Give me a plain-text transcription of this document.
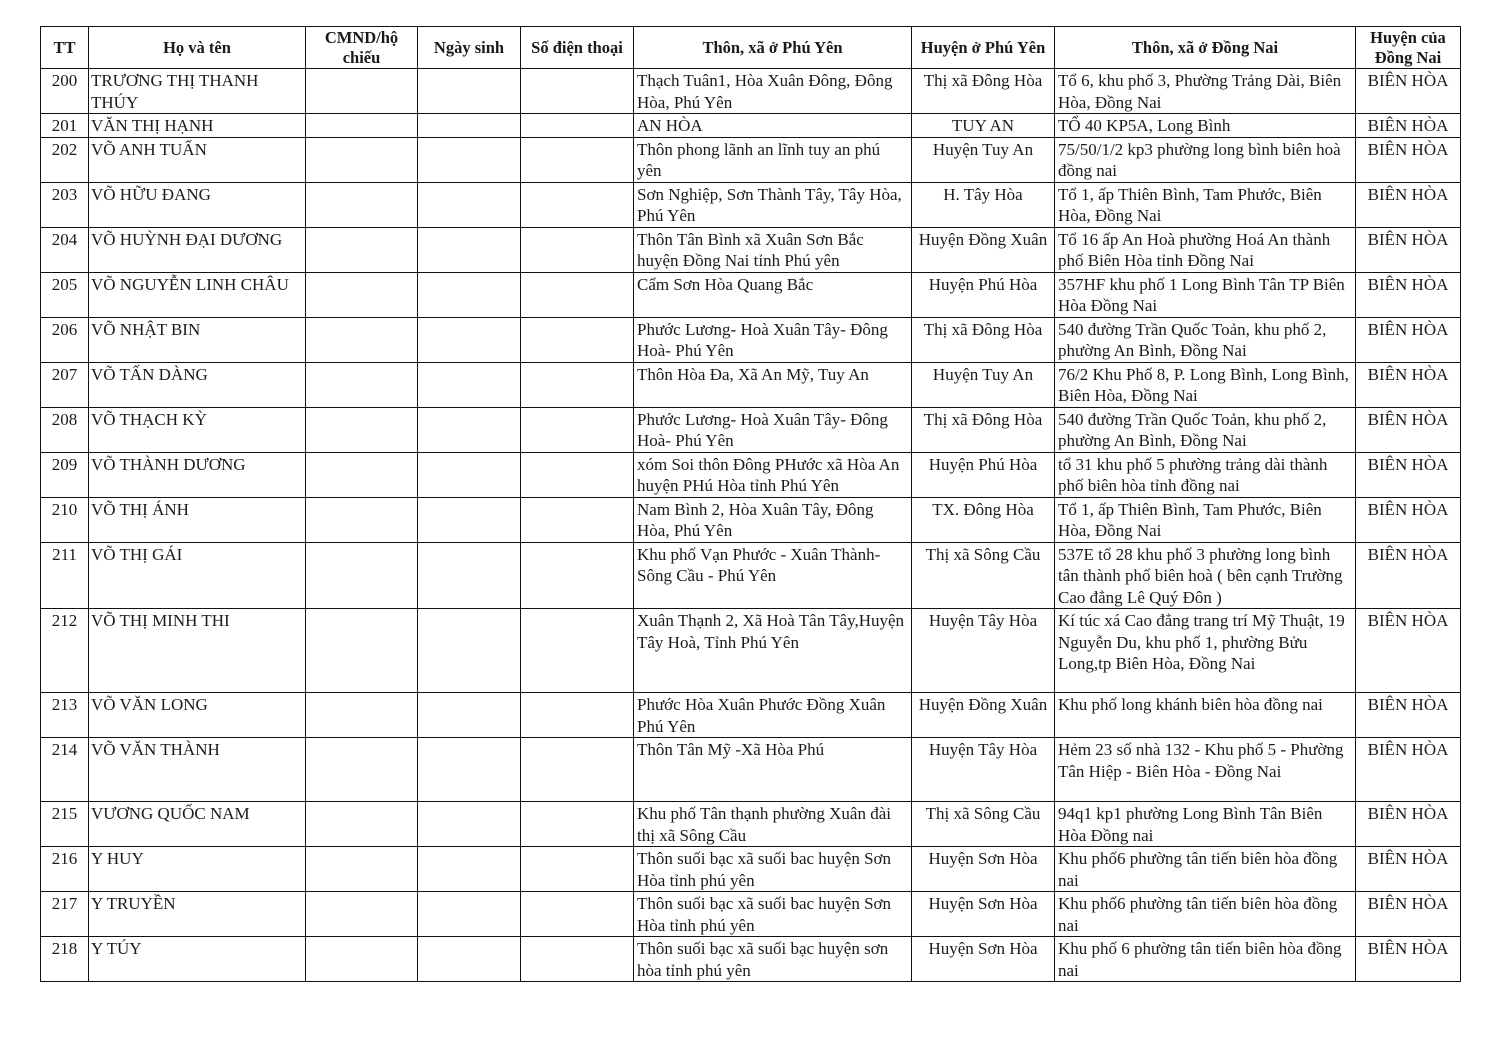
TT	Họ và tên	CMND/hộ chiếu	Ngày sinh	Số điện thoại	Thôn, xã ở Phú Yên	Huyện ở Phú Yên	Thôn, xã ở Đồng Nai	Huyện của Đồng Nai
200	TRƯƠNG THỊ THANH THÚY				Thạch Tuân1, Hòa Xuân Đông, Đông Hòa, Phú Yên	Thị xã Đông Hòa	Tổ 6, khu phố 3, Phường Trảng Dài, Biên Hòa, Đồng Nai	BIÊN HÒA
201	VĂN THỊ HẠNH				AN HÒA	TUY AN	TỔ 40 KP5A, Long Bình	BIÊN HÒA
202	VÕ ANH TUẤN				Thôn phong lãnh an lĩnh tuy an phú yên	Huyện Tuy An	75/50/1/2 kp3 phường long bình biên hoà đồng nai	BIÊN HÒA
203	VÕ HỮU ĐANG				Sơn Nghiệp, Sơn Thành Tây, Tây Hòa, Phú Yên	H. Tây Hòa	Tổ 1, ấp Thiên Bình, Tam Phước, Biên Hòa, Đồng Nai	BIÊN HÒA
204	VÕ HUỲNH ĐẠI DƯƠNG				Thôn Tân Bình xã Xuân Sơn Bắc huyện Đồng Nai tỉnh Phú yên	Huyện Đồng Xuân	Tổ 16 ấp An Hoà phường Hoá An thành phố Biên Hòa tỉnh Đồng Nai	BIÊN HÒA
205	VÕ NGUYỄN LINH CHÂU				Cẩm Sơn Hòa Quang Bắc	Huyện Phú Hòa	357HF khu phố 1 Long Bình Tân TP Biên Hòa Đồng Nai	BIÊN HÒA
206	VÕ NHẬT BIN				Phước Lương- Hoà Xuân Tây- Đông Hoà- Phú Yên	Thị xã Đông Hòa	540 đường Trần Quốc Toản, khu phố 2, phường An Bình, Đồng Nai	BIÊN HÒA
207	VÕ TẤN DÀNG				Thôn Hòa Đa, Xã An Mỹ, Tuy An	Huyện Tuy An	76/2 Khu Phố 8, P. Long Bình, Long Bình, Biên Hòa, Đồng Nai	BIÊN HÒA
208	VÕ THẠCH KỲ				Phước Lương- Hoà Xuân Tây- Đông Hoà- Phú Yên	Thị xã Đông Hòa	540 đường Trần Quốc Toản, khu phố 2, phường An Bình, Đồng Nai	BIÊN HÒA
209	VÕ THÀNH DƯƠNG				xóm Soi thôn Đông PHước xã Hòa An huyện PHú Hòa tỉnh Phú Yên	Huyện Phú Hòa	tổ 31 khu phố 5 phường trảng dài thành phố biên hòa tỉnh đồng nai	BIÊN HÒA
210	VÕ THỊ ÁNH				Nam Bình 2, Hòa Xuân Tây, Đông Hòa, Phú Yên	TX. Đông Hòa	Tổ 1, ấp Thiên Bình, Tam Phước, Biên Hòa, Đồng Nai	BIÊN HÒA
211	VÕ THỊ GÁI				Khu phố Vạn Phước - Xuân Thành- Sông Cầu - Phú Yên	Thị xã Sông Cầu	537E tổ 28 khu phố 3 phường long bình tân thành phố biên hoà ( bên cạnh Trường Cao đẳng Lê Quý Đôn )	BIÊN HÒA
212	VÕ THỊ MINH THI				Xuân Thạnh 2, Xã Hoà Tân Tây,Huyện Tây Hoà, Tỉnh Phú Yên	Huyện Tây Hòa	Kí túc xá Cao đẳng trang trí Mỹ Thuật, 19 Nguyễn Du, khu phố 1, phường Bửu Long,tp Biên Hòa, Đồng Nai	BIÊN HÒA
213	VÕ VĂN LONG				Phước Hòa Xuân Phước Đồng Xuân Phú Yên	Huyện Đồng Xuân	Khu phố long khánh biên hòa đồng nai	BIÊN HÒA
214	VÕ VĂN THÀNH				Thôn Tân Mỹ -Xã Hòa Phú	Huyện Tây Hòa	Hẻm 23 số nhà 132 - Khu phố 5 - Phường Tân Hiệp - Biên Hòa - Đồng Nai	BIÊN HÒA
215	VƯƠNG QUỐC NAM				Khu phố Tân thạnh phường Xuân đài thị xã Sông Cầu	Thị xã Sông Cầu	94q1 kp1 phường Long Bình Tân Biên Hòa Đồng nai	BIÊN HÒA
216	Y HUY				Thôn suối bạc xã suối bac huyện Sơn Hòa tỉnh phú yên	Huyện Sơn Hòa	Khu phố6 phường tân tiến biên hòa đồng nai	BIÊN HÒA
217	Y TRUYỀN				Thôn suối bạc xã suối bac huyện Sơn Hòa tỉnh phú yên	Huyện Sơn Hòa	Khu phố6 phường tân tiến biên hòa đồng nai	BIÊN HÒA
218	Y TÚY				Thôn suối bạc xã suối bạc huyện sơn hòa tỉnh phú yên	Huyện Sơn Hòa	Khu phố 6 phường tân tiến biên hòa đồng nai	BIÊN HÒA
